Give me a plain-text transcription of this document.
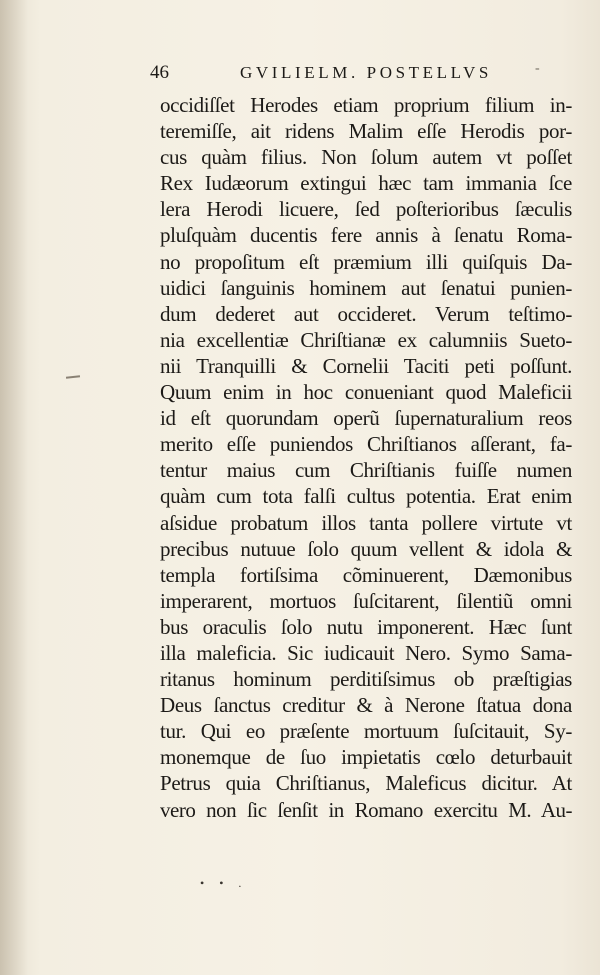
46	GVILIELM. POSTELLVS	-
occidiſſet Herodes etiam proprium filium in-
teremiſſe, ait ridens Malim eſſe Herodis por-
cus quàm filius. Non ſolum autem vt poſſet
Rex Iudæorum extingui hæc tam immania ſce
lera Herodi licuere, ſed poſterioribus ſæculis
pluſquàm ducentis fere annis à ſenatu Roma-
no propoſitum eſt præmium illi quiſquis Da-
uidici ſanguinis hominem aut ſenatui punien-
dum dederet aut occideret. Verum teſtimo-
nia excellentiæ Chriſtianæ ex calumniis Sueto-
nii Tranquilli & Cornelii Taciti peti poſſunt.
Quum enim in hoc conueniant quod Maleficii
id eſt quorundam operũ ſupernaturalium reos
merito eſſe puniendos Chriſtianos aſſerant, fa-
tentur maius cum Chriſtianis fuiſſe numen
quàm cum tota falſi cultus potentia. Erat enim
aſsidue probatum illos tanta pollere virtute vt
precibus nutuue ſolo quum vellent & idola &
templa fortiſsima cõminuerent, Dæmonibus
imperarent, mortuos ſuſcitarent, ſilentiũ omni
bus oraculis ſolo nutu imponerent. Hæc ſunt
illa maleficia. Sic iudicauit Nero. Symo Sama-
ritanus hominum perditiſsimus ob præſtigias
Deus ſanctus creditur & à Nerone ſtatua dona
tur. Qui eo præſente mortuum ſuſcitauit, Sy-
monemque de ſuo impietatis cœlo deturbauit
Petrus quia Chriſtianus, Maleficus dicitur. At
vero non ſic ſenſit in Romano exercitu M. Au-
• • .
